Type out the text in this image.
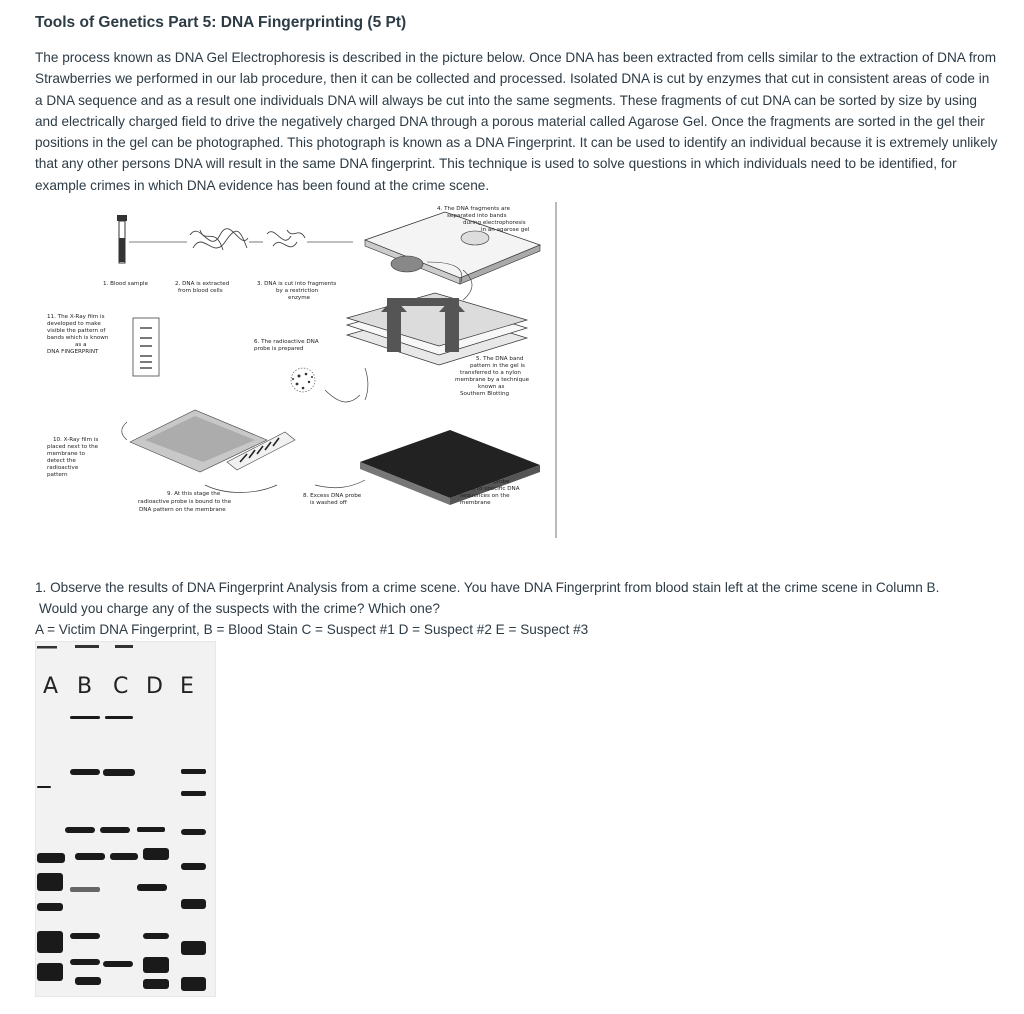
Tools of Genetics Part 5: DNA Fingerprinting (5 Pt)

The process known as DNA Gel Electrophoresis is described in the picture below. Once DNA has been extracted from cells similar to the extraction of DNA from Strawberries we performed in our lab procedure, then it can be collected and processed. Isolated DNA is cut by enzymes that cut in consistent areas of code in a DNA sequence and as a result one individuals DNA will always be cut into the same segments. These fragments of cut DNA can be sorted by size by using and electrically charged field to drive the negatively charged DNA through a porous material called Agarose Gel. Once the fragments are sorted in the gel their positions in the gel can be photographed. This photograph is known as a DNA Fingerprint. It can be used to identify an individual because it is extremely unlikely that any other persons DNA will result in the same DNA fingerprint. This technique is used to solve questions in which individuals need to be identified, for example crimes in which DNA evidence has been found at the crime scene.

1. Blood sample	2. DNA is extracted
from blood cells
3. DNA is cut into fragments
by a restriction
enzyme
4. The DNA fragments are
separated into bands
during electrophoresis
in an agarose gel
5. The DNA band
pattern in the gel is
transferred to a nylon
membrane by a technique
known as
Southern Blotting
6. The radioactive DNA
probe is prepared
7. The DNA probe
binds to specific DNA
sequences on the
membrane
8. Excess DNA probe
is washed off
9. At this stage the
radioactive probe is bound to the
DNA pattern on the membrane
10. X-Ray film is
placed next to the
membrane to
detect the
radioactive
pattern
11. The X-Ray film is
developed to make
visible the pattern of
bands which is known
as a
DNA FINGERPRINT

1. Observe the results of DNA Fingerprint Analysis from a crime scene. You have DNA Fingerprint from blood stain left at the crime scene in Column B.

Would you charge any of the suspects with the crime? Which one?

A = Victim DNA Fingerprint, B = Blood Stain C = Suspect #1 D = Suspect #2 E = Suspect #3

A B C D E
